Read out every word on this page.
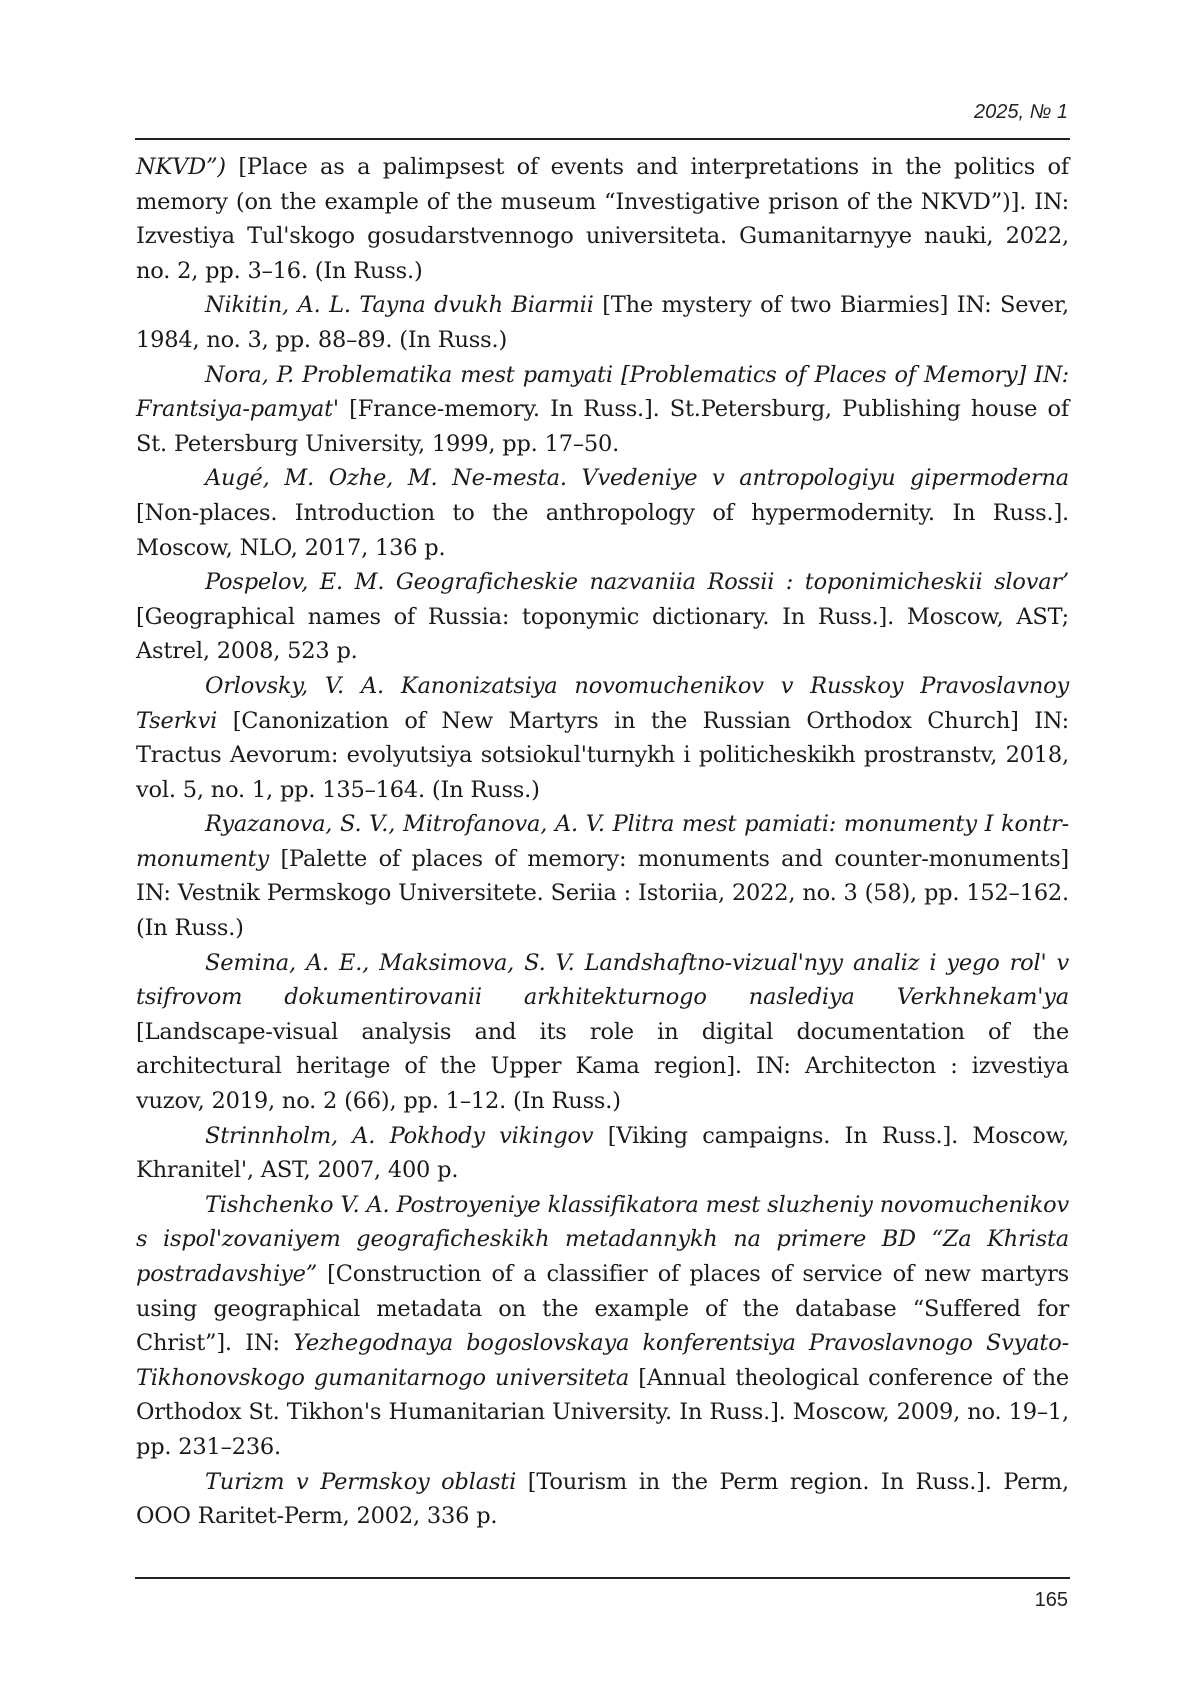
2025, № 1

NKVD”) [Place as a palimpsest of events and interpretations in the politics of memory (on the example of the museum “Investigative prison of the NKVD”)]. IN: Izvestiya Tul'skogo gosudarstvennogo universiteta. Gumanitarnyye nauki, 2022, no. 2, pp. 3–16. (In Russ.)

Nikitin, A. L. Tayna dvukh Biarmii [The mystery of two Biarmies] IN: Sever, 1984, no. 3, pp. 88–89. (In Russ.)

Nora, P. Problematika mest pamyati [Problematics of Places of Memory] IN: Frantsiya-pamyat' [France-memory. In Russ.]. St.Petersburg, Publishing house of St. Petersburg University, 1999, pp. 17–50.

Augé, M. Ozhe, M. Ne-mesta. Vvedeniye v antropologiyu gipermoderna [Non-places. Introduction to the anthropology of hypermodernity. In Russ.]. Moscow, NLO, 2017, 136 p.

Pospelov, E. M. Geograficheskie nazvaniia Rossii : toponimicheskii slovar’ [Geographical names of Russia: toponymic dictionary. In Russ.]. Moscow, AST; Astrel, 2008, 523 p.

Orlovsky, V. A. Kanonizatsiya novomuchenikov v Russkoy Pravoslavnoy Tserkvi [Canonization of New Martyrs in the Russian Orthodox Church] IN: Tractus Aevorum: evolyutsiya sotsiokul'turnykh i politicheskikh prostranstv, 2018, vol. 5, no. 1, pp. 135–164. (In Russ.)

Ryazanova, S. V., Mitrofanova, A. V. Plitra mest pamiati: monumenty I kontr-monumenty [Palette of places of memory: monuments and counter-monuments] IN: Vestnik Permskogo Universitete. Seriia : Istoriia, 2022, no. 3 (58), pp. 152–162. (In Russ.)

Semina, A. E., Maksimova, S. V. Landshaftno-vizual'nyy analiz i yego rol' v tsifrovom dokumentirovanii arkhitekturnogo naslediya Verkhnekam'ya [Landscape-visual analysis and its role in digital documentation of the architectural heritage of the Upper Kama region]. IN: Architecton : izvestiya vuzov, 2019, no. 2 (66), pp. 1–12. (In Russ.)

Strinnholm, A. Pokhody vikingov [Viking campaigns. In Russ.]. Moscow, Khranitel', AST, 2007, 400 p.

Tishchenko V. A. Postroyeniye klassifikatora mest sluzheniy novomuchenikov s ispol'zovaniyem geograficheskikh metadannykh na primere BD “Za Khrista postradavshiye” [Construction of a classifier of places of service of new martyrs using geographical metadata on the example of the database “Suffered for Christ”]. IN: Yezhegodnaya bogoslovskaya konferentsiya Pravoslavnogo Svyato-Tikhonovskogo gumanitarnogo universiteta [Annual theological conference of the Orthodox St. Tikhon's Humanitarian University. In Russ.]. Moscow, 2009, no. 19–1, pp. 231–236.

Turizm v Permskoy oblasti [Tourism in the Perm region. In Russ.]. Perm, OOO Raritet-Perm, 2002, 336 p.

165
